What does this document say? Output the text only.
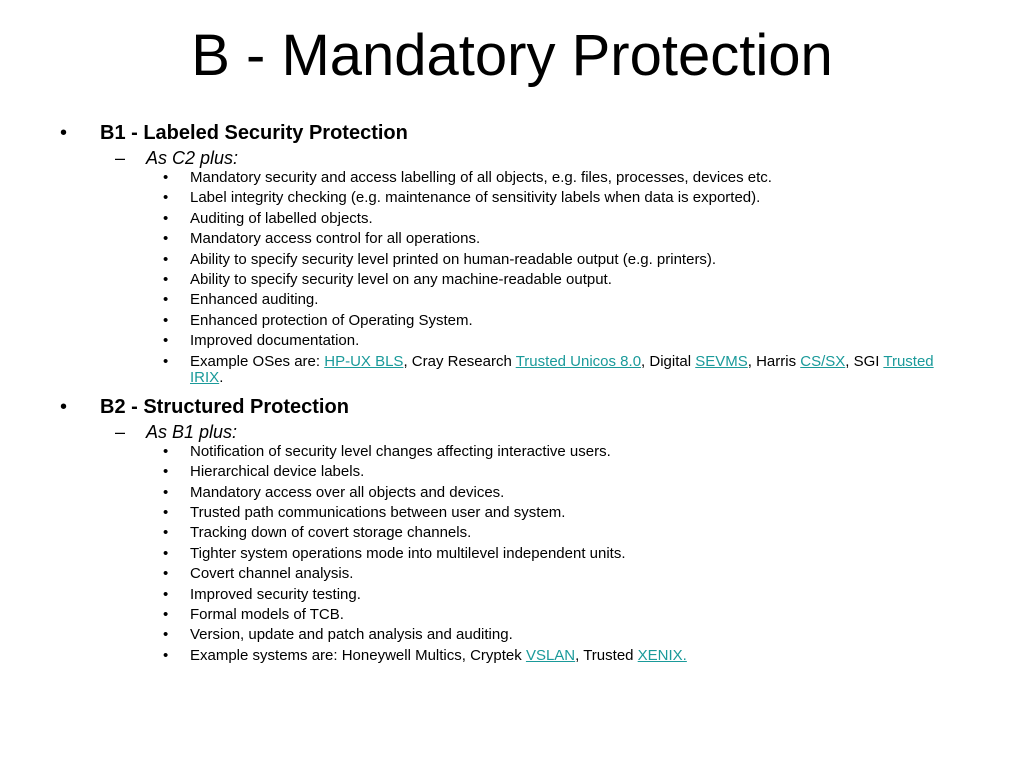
B - Mandatory Protection
• B1 - Labeled Security Protection
– As C2 plus:
• Mandatory security and access labelling of all objects, e.g. files, processes, devices etc.
• Label integrity checking (e.g. maintenance of sensitivity labels when data is exported).
• Auditing of labelled objects.
• Mandatory access control for all operations.
• Ability to specify security level printed on human-readable output (e.g. printers).
• Ability to specify security level on any machine-readable output.
• Enhanced auditing.
• Enhanced protection of Operating System.
• Improved documentation.
• Example OSes are: HP-UX BLS, Cray Research Trusted Unicos 8.0, Digital SEVMS, Harris CS/SX, SGI Trusted IRIX.
• B2 - Structured Protection
– As B1 plus:
• Notification of security level changes affecting interactive users.
• Hierarchical device labels.
• Mandatory access over all objects and devices.
• Trusted path communications between user and system.
• Tracking down of covert storage channels.
• Tighter system operations mode into multilevel independent units.
• Covert channel analysis.
• Improved security testing.
• Formal models of TCB.
• Version, update and patch analysis and auditing.
• Example systems are: Honeywell Multics, Cryptek VSLAN, Trusted XENIX.
